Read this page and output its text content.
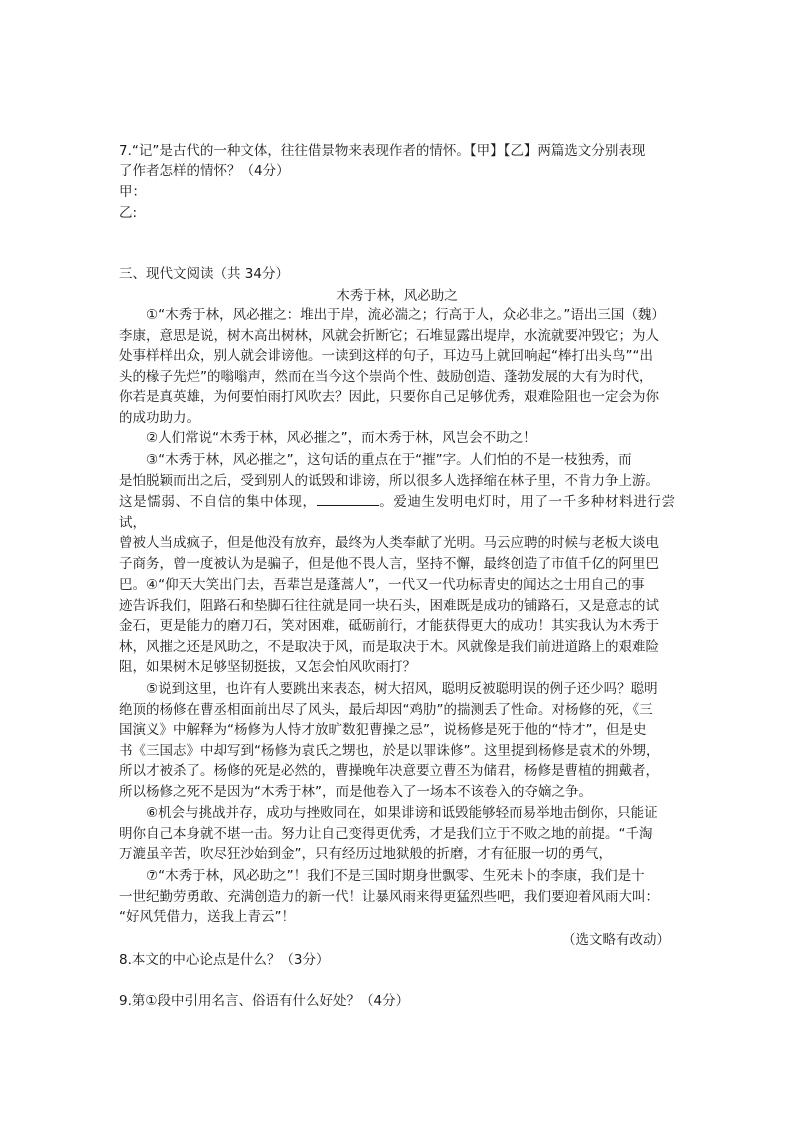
7.“记”是古代的一种文体，往往借景物来表现作者的情怀。【甲】【乙】两篇选文分别表现
了作者怎样的情怀？（4分）
甲：
乙:
三、现代文阅读（共 34分）
木秀于林，风必助之

①“木秀于林，风必摧之：堆出于岸，流必湍之；行高于人，众必非之。”语出三国（魏）

李康，意思是说，树木高出树林，风就会折断它；石堆显露出堤岸，水流就要冲毁它；为人

处事样样出众，别人就会诽谤他。一读到这样的句子，耳边马上就回响起“棒打出头鸟”“出

头的椽子先烂”的嗡嗡声，然而在当今这个崇尚个性、鼓励创造、蓬勃发展的大有为时代，

你若是真英雄，为何要怕雨打风吹去？因此，只要你自己足够优秀，艰难险阻也一定会为你

的成功助力。

②人们常说“木秀于林，风必摧之”，而木秀于林，风岂会不助之！

③“木秀于林，风必摧之”，这句话的重点在于“摧”字。人们怕的不是一枝独秀，而

是怕脱颖而出之后，受到别人的诋毁和诽谤，所以很多人选择缩在林子里，不肯力争上游。

这是懦弱、不自信的集中体现，	。爱迪生发明电灯时，用了一千多种材料进行尝试，

曾被人当成疯子，但是他没有放弃，最终为人类奉献了光明。马云应聘的时候与老板大谈电

子商务，曾一度被认为是骗子，但是他不畏人言，坚持不懈，最终创造了市值千亿的阿里巴

巴。 ④“仰天大笑出门去，吾辈岂是蓬蒿人”，一代又一代功标青史的闻达之士用自己的事

迹告诉我们，阻路石和垫脚石往往就是同一块石头，困难既是成功的铺路石，又是意志的试

金石，更是能力的磨刀石，笑对困难，砥砺前行，才能获得更大的成功！其实我认为木秀于

林，风摧之还是风助之，不是取决于风，而是取决于木。风就像是我们前进道路上的艰难险

阻，如果树木足够坚韧挺拔，又怎会怕风吹雨打？

⑤说到这里，也许有人要跳出来表态，树大招风，聪明反被聪明误的例子还少吗？聪明

绝顶的杨修在曹丞相面前出尽了风头，最后却因“鸡肋”的揣测丢了性命。对杨修的死，《三

国演义》中解释为“杨修为人恃才放旷数犯曹操之忌”，说杨修是死于他的“恃才”，但是史

书《三国志》中却写到“杨修为袁氏之甥也，於是以罪诛修”。这里提到杨修是袁术的外甥，

所以才被杀了。杨修的死是必然的，曹操晚年决意要立曹丕为储君，杨修是曹植的拥戴者，

所以杨修之死不是因为“木秀于林”，而是他卷入了一场本不该卷入的夺嫡之争。

⑥机会与挑战并存，成功与挫败同在，如果诽谤和诋毁能够轻而易举地击倒你，只能证

明你自己本身就不堪一击。努力让自己变得更优秀，才是我们立于不败之地的前提。“千淘

万漉虽辛苦，吹尽狂沙始到金”，只有经历过地狱般的折磨，才有征服一切的勇气，

⑦“木秀于林，风必助之”！我们不是三国时期身世飘零、生死未卜的李康，我们是十

一世纪勤劳勇敢、充满创造力的新一代！让暴风雨来得更猛烈些吧，我们要迎着风雨大叫：

“好风凭借力，送我上青云”！

（选文略有改动）
8.本文的中心论点是什么？（3分）
9.第①段中引用名言、俗语有什么好处？（4分）
